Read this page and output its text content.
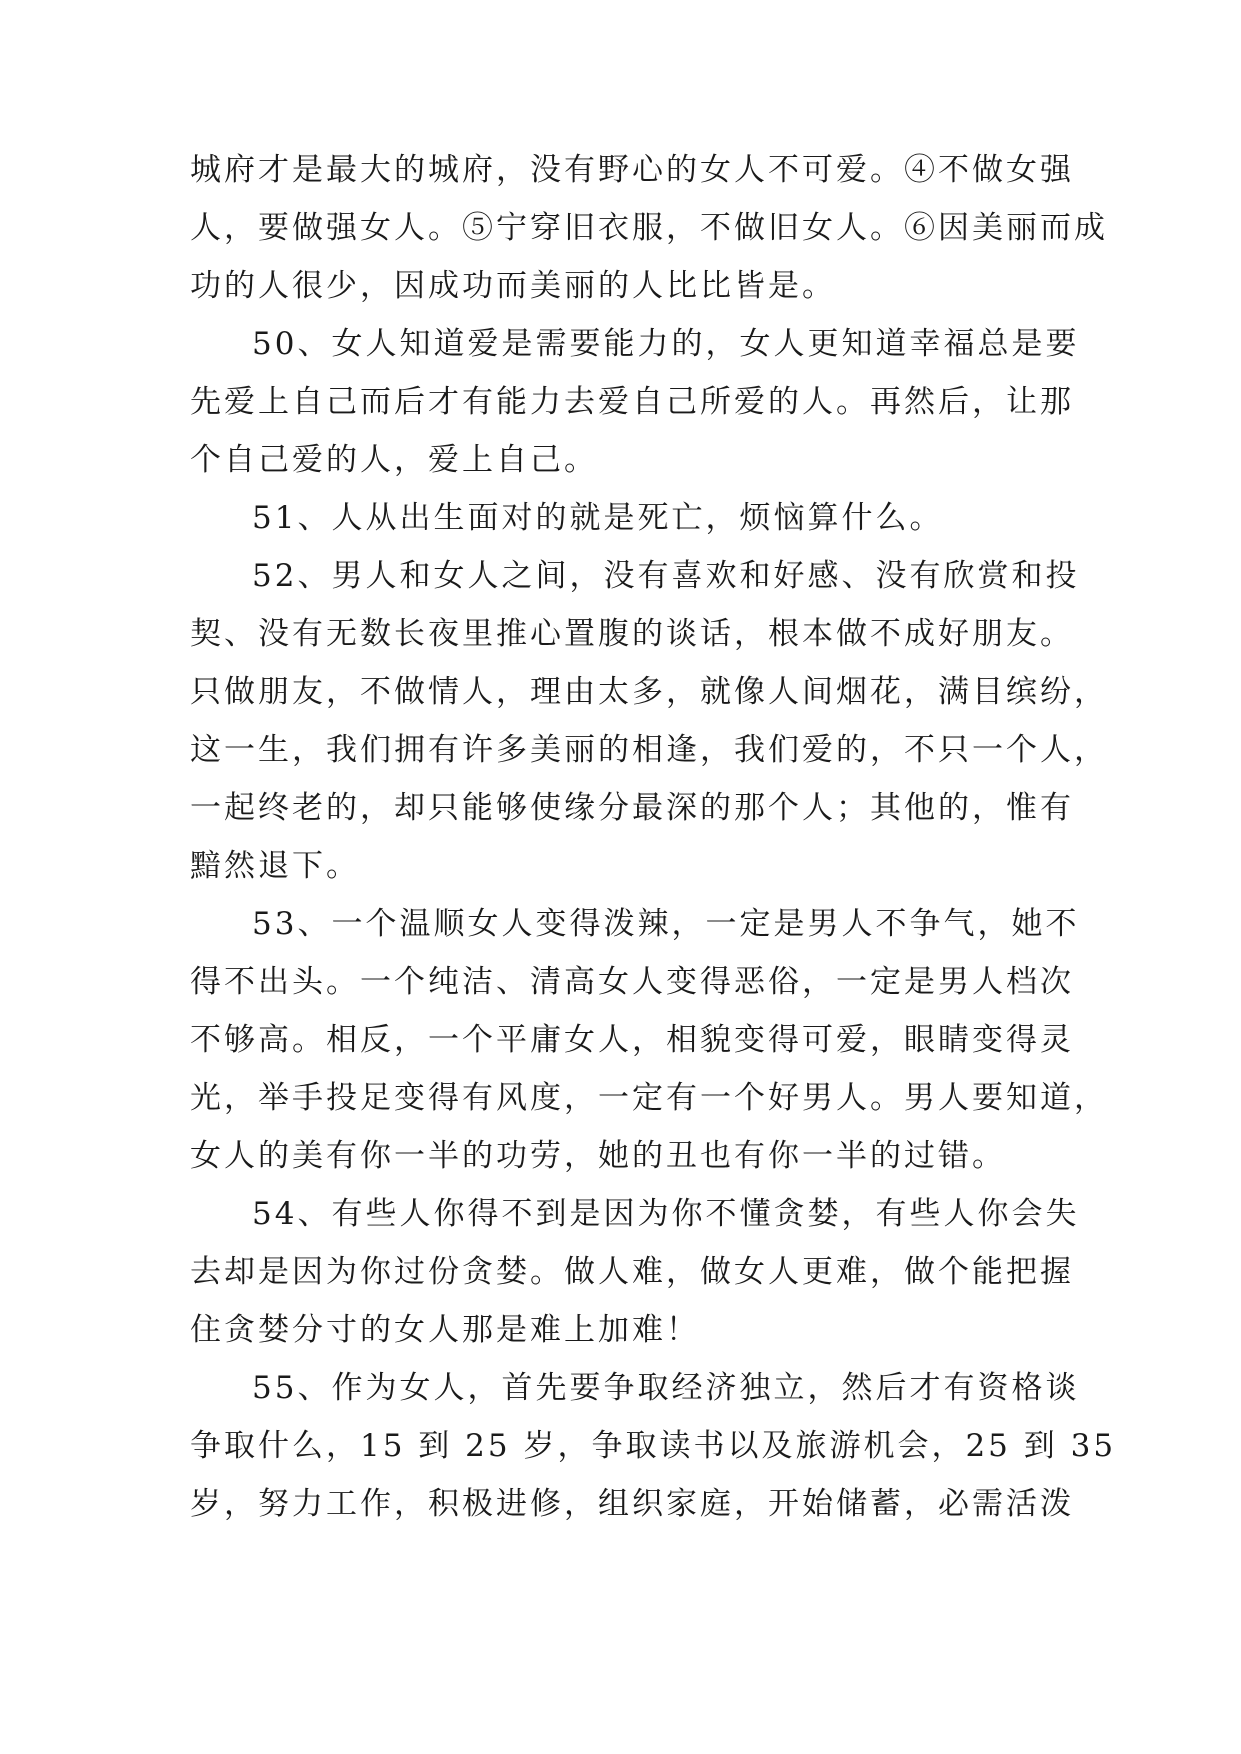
城府才是最大的城府，没有野心的女人不可爱。④不做女强
人，要做强女人。⑤宁穿旧衣服，不做旧女人。⑥因美丽而成
功的人很少，因成功而美丽的人比比皆是。
50、女人知道爱是需要能力的，女人更知道幸福总是要
先爱上自己而后才有能力去爱自己所爱的人。再然后，让那
个自己爱的人，爱上自己。
51、人从出生面对的就是死亡，烦恼算什么。
52、男人和女人之间，没有喜欢和好感、没有欣赏和投
契、没有无数长夜里推心置腹的谈话，根本做不成好朋友。
只做朋友，不做情人，理由太多，就像人间烟花，满目缤纷，
这一生，我们拥有许多美丽的相逢，我们爱的，不只一个人，
一起终老的，却只能够使缘分最深的那个人；其他的，惟有
黯然退下。
53、一个温顺女人变得泼辣，一定是男人不争气，她不
得不出头。一个纯洁、清高女人变得恶俗，一定是男人档次
不够高。相反，一个平庸女人，相貌变得可爱，眼睛变得灵
光，举手投足变得有风度，一定有一个好男人。男人要知道，
女人的美有你一半的功劳，她的丑也有你一半的过错。
54、有些人你得不到是因为你不懂贪婪，有些人你会失
去却是因为你过份贪婪。做人难，做女人更难，做个能把握
住贪婪分寸的女人那是难上加难！
55、作为女人，首先要争取经济独立，然后才有资格谈
争取什么，15 到 25 岁，争取读书以及旅游机会，25 到 35
岁，努力工作，积极进修，组织家庭，开始储蓄，必需活泼
